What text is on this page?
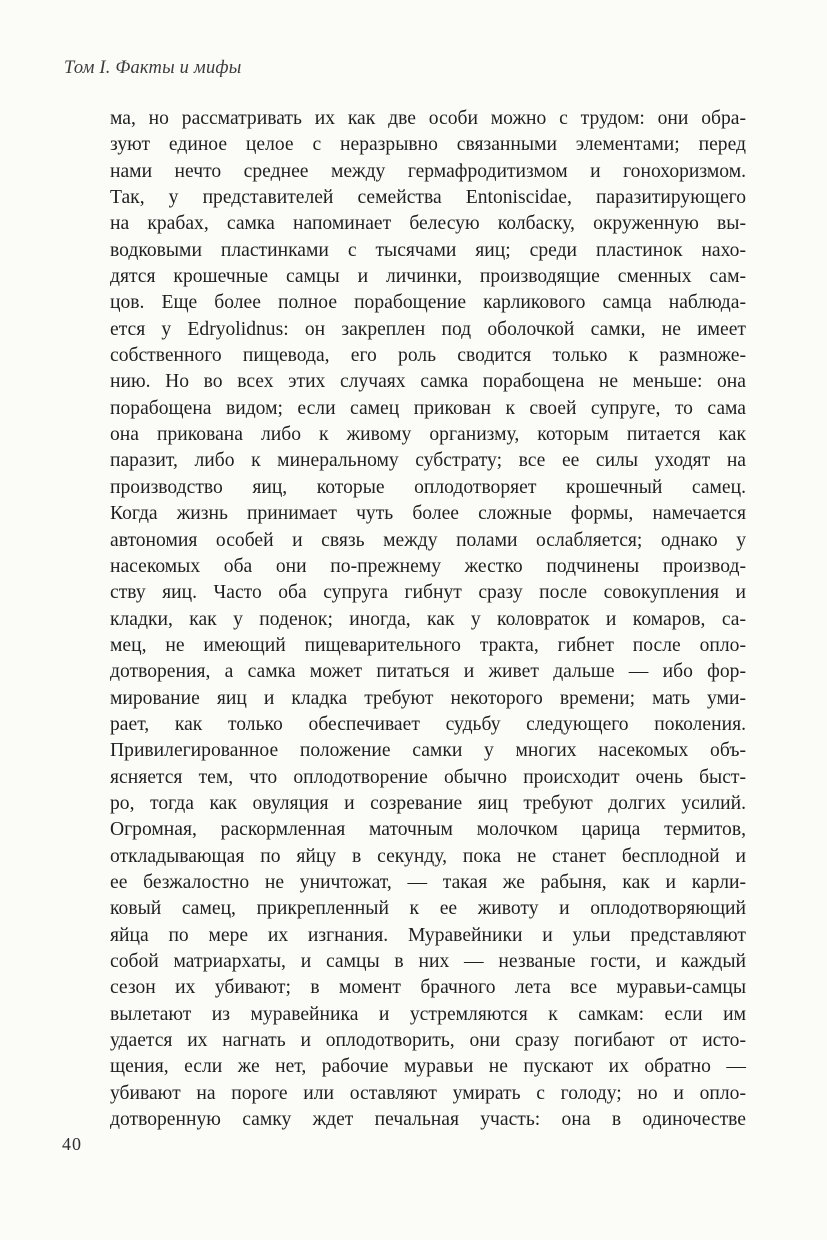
Том I. Факты и мифы
ма, но рассматривать их как две особи можно с трудом: они обра-
зуют единое целое с неразрывно связанными элементами; перед
нами нечто среднее между гермафродитизмом и гонохоризмом.
Так, у представителей семейства Entoniscidae, паразитирующего
на крабах, самка напоминает белесую колбаску, окруженную вы-
водковыми пластинками с тысячами яиц; среди пластинок нахо-
дятся крошечные самцы и личинки, производящие сменных сам-
цов. Еще более полное порабощение карликового самца наблюда-
ется у Edryolidnus: он закреплен под оболочкой самки, не имеет
собственного пищевода, его роль сводится только к размноже-
нию. Но во всех этих случаях самка порабощена не меньше: она
порабощена видом; если самец прикован к своей супруге, то сама
она прикована либо к живому организму, которым питается как
паразит, либо к минеральному субстрату; все ее силы уходят на
производство яиц, которые оплодотворяет крошечный самец.
Когда жизнь принимает чуть более сложные формы, намечается
автономия особей и связь между полами ослабляется; однако у
насекомых оба они по-прежнему жестко подчинены производ-
ству яиц. Часто оба супруга гибнут сразу после совокупления и
кладки, как у поденок; иногда, как у коловраток и комаров, са-
мец, не имеющий пищеварительного тракта, гибнет после опло-
дотворения, а самка может питаться и живет дальше — ибо фор-
мирование яиц и кладка требуют некоторого времени; мать уми-
рает, как только обеспечивает судьбу следующего поколения.
Привилегированное положение самки у многих насекомых объ-
ясняется тем, что оплодотворение обычно происходит очень быст-
ро, тогда как овуляция и созревание яиц требуют долгих усилий.
Огромная, раскормленная маточным молочком царица термитов,
откладывающая по яйцу в секунду, пока не станет бесплодной и
ее безжалостно не уничтожат, — такая же рабыня, как и карли-
ковый самец, прикрепленный к ее животу и оплодотворяющий
яйца по мере их изгнания. Муравейники и ульи представляют
собой матриархаты, и самцы в них — незваные гости, и каждый
сезон их убивают; в момент брачного лета все муравьи-самцы
вылетают из муравейника и устремляются к самкам: если им
удается их нагнать и оплодотворить, они сразу погибают от исто-
щения, если же нет, рабочие муравьи не пускают их обратно —
убивают на пороге или оставляют умирать с голоду; но и опло-
дотворенную самку ждет печальная участь: она в одиночестве
40
